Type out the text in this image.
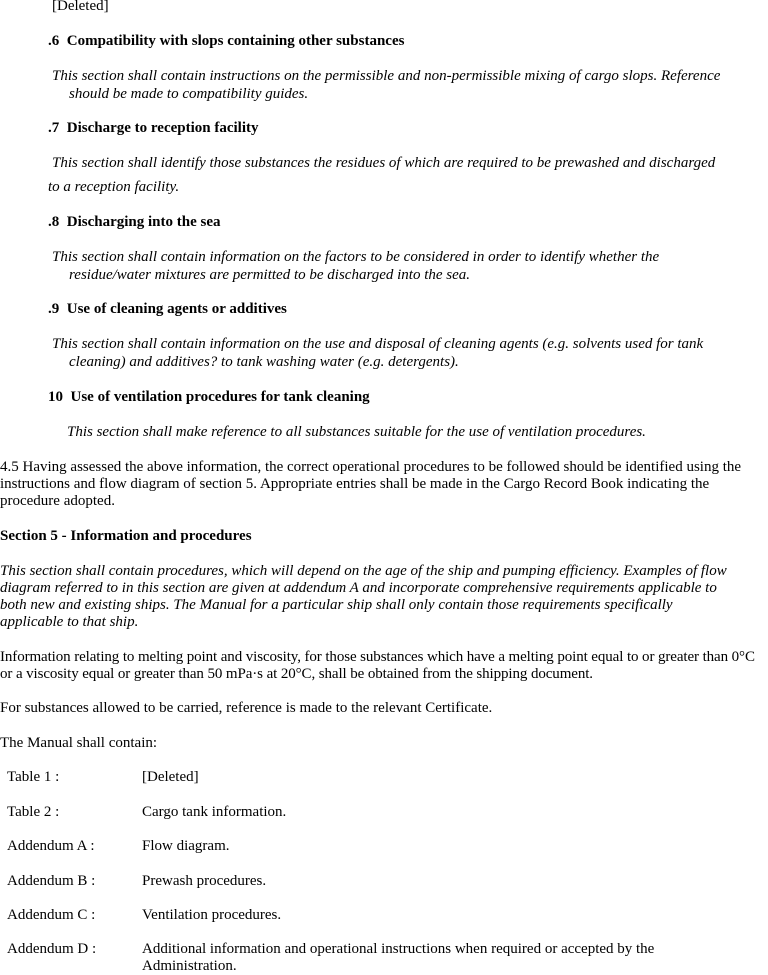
[Deleted]
.6 Compatibility with slops containing other substances
This section shall contain instructions on the permissible and non-permissible mixing of cargo slops. Reference
should be made to compatibility guides.
.7 Discharge to reception facility
This section shall identify those substances the residues of which are required to be prewashed and discharged
to a reception facility.
.8 Discharging into the sea
This section shall contain information on the factors to be considered in order to identify whether the
residue/water mixtures are permitted to be discharged into the sea.
.9 Use of cleaning agents or additives
This section shall contain information on the use and disposal of cleaning agents (e.g. solvents used for tank
cleaning) and additives? to tank washing water (e.g. detergents).
10 Use of ventilation procedures for tank cleaning
This section shall make reference to all substances suitable for the use of ventilation procedures.
4.5 Having assessed the above information, the correct operational procedures to be followed should be identified using the instructions and flow diagram of section 5. Appropriate entries shall be made in the Cargo Record Book indicating the procedure adopted.
Section 5 - Information and procedures
This section shall contain procedures, which will depend on the age of the ship and pumping efficiency. Examples of flow diagram referred to in this section are given at addendum A and incorporate comprehensive requirements applicable to both new and existing ships. The Manual for a particular ship shall only contain those requirements specifically applicable to that ship.
Information relating to melting point and viscosity, for those substances which have a melting point equal to or greater than 0°C or a viscosity equal or greater than 50 mPa·s at 20°C, shall be obtained from the shipping document.
For substances allowed to be carried, reference is made to the relevant Certificate.
The Manual shall contain:
Table 1 :	[Deleted]
Table 2 :	Cargo tank information.
Addendum A :	Flow diagram.
Addendum B :	Prewash procedures.
Addendum C :	Ventilation procedures.
Addendum D :	Additional information and operational instructions when required or accepted by the Administration.
